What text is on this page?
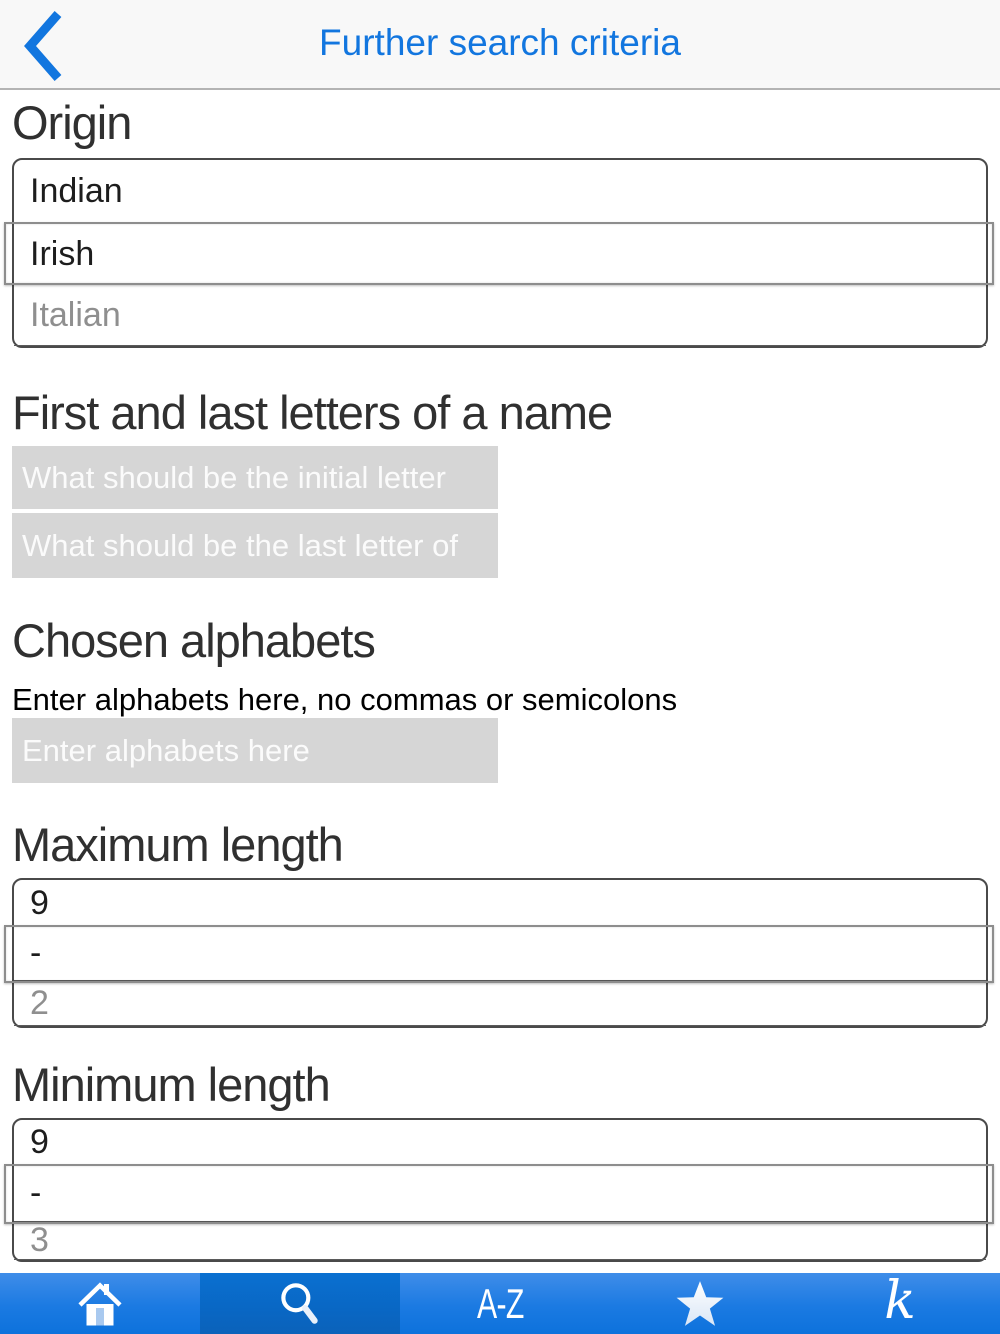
Further search criteria
Origin
Indian
Irish
Italian
First and last letters of a name
What should be the initial letter
What should be the last letter of
Chosen alphabets
Enter alphabets here, no commas or semicolons
Enter alphabets here
Maximum length
9
-
2
Minimum length
9
-
3
A-Z	k
